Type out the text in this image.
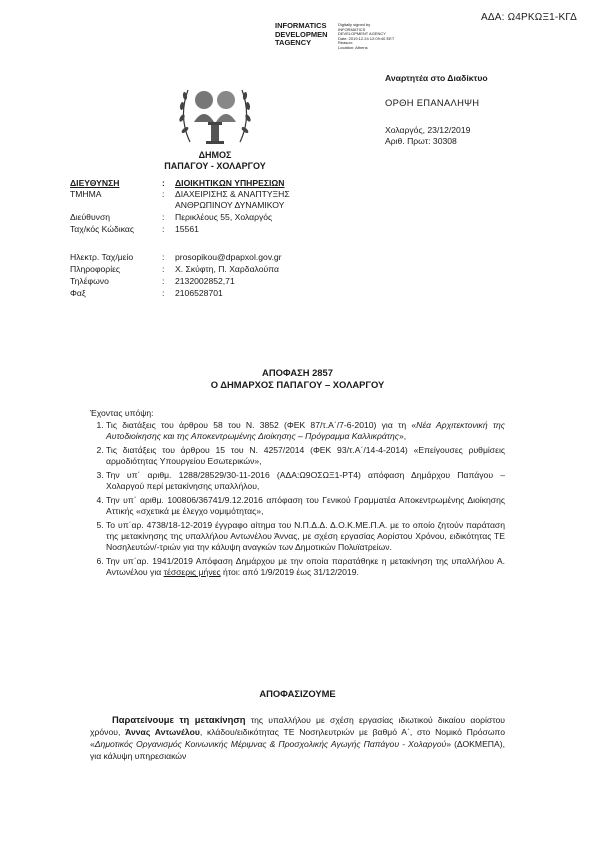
ΑΔΑ: Ω4ΡΚΩΞ1-ΚΓΔ
INFORMATICS
DEVELOPMEN
TAGENCY
Digitally signed by
INFORMATICS
DEVELOPMENT AGENCY
Date: 2019.12.24 12:09:40 EET
Reason:
Location: Athens
Αναρτητέα στο Διαδίκτυο
ΟΡΘΗ ΕΠΑΝΑΛΗΨΗ
Χολαργός, 23/12/2019
Αριθ. Πρωτ: 30308
ΔΗΜΟΣ
ΠΑΠΑΓΟΥ - ΧΟΛΑΡΓΟΥ
ΔΙΕΥΘΥΝΣΗ	: ΔΙΟΙΚΗΤΙΚΩΝ ΥΠΗΡΕΣΙΩΝ
ΤΜΗΜΑ	: ΔΙΑΧΕΙΡΙΣΗΣ & ΑΝΑΠΤΥΞΗΣ
ΑΝΘΡΩΠΙΝΟΥ ΔΥΝΑΜΙΚΟΥ
Διεύθυνση	: Περικλέους 55, Χολαργός
Ταχ/κός Κώδικας	: 15561
Ηλεκτρ. Ταχ/μείο	: prosopikou@dpapxol.gov.gr
Πληροφορίες	: Χ. Σκύφτη, Π. Χαρδαλούπα
Τηλέφωνο	: 2132002852,71
Φαξ	: 2106528701
ΑΠΟΦΑΣΗ 2857
Ο ΔΗΜΑΡΧΟΣ ΠΑΠΑΓΟΥ – ΧΟΛΑΡΓΟΥ
Έχοντας υπόψη:
1. Τις διατάξεις του άρθρου 58 του Ν. 3852 (ΦΕΚ 87/τ.Α΄/7-6-2010) για τη «Νέα Αρχιτεκτονική της Αυτοδιοίκησης και της Αποκεντρωμένης Διοίκησης – Πρόγραμμα Καλλικράτης»,
2. Τις διατάξεις του άρθρου 15 του Ν. 4257/2014 (ΦΕΚ 93/τ.Α΄/14-4-2014) «Επείγουσες ρυθμίσεις αρμοδιότητας Υπουργείου Εσωτερικών»,
3. Την υπ΄ αριθμ. 1288/28529/30-11-2016 (ΑΔΑ:Ω9ΟΣΩΞ1-ΡΤ4) απόφαση Δημάρχου Παπάγου – Χολαργού περί μετακίνησης υπαλλήλου,
4. Την υπ΄ αριθμ. 100806/36741/9.12.2016 απόφαση του Γενικού Γραμματέα Αποκεντρωμένης Διοίκησης Αττικής «σχετικά με έλεγχο νομιμότητας»,
5. Το υπ΄αρ. 4738/18-12-2019 έγγραφο αίτημα του Ν.Π.Δ.Δ. Δ.Ο.Κ.ΜΕ.Π.Α. με το οποίο ζητούν παράταση της μετακίνησης της υπαλλήλου Αντωνέλου Άννας, με σχέση εργασίας Αορίστου Χρόνου, ειδικότητας ΤΕ Νοσηλευτών/-τριών για την κάλυψη αναγκών των Δημοτικών Πολυϊατρείων.
6. Την υπ΄αρ. 1941/2019 Απόφαση Δημάρχου με την οποία παρατάθηκε η μετακίνηση της υπαλλήλου Α. Αντωνέλου για τέσσερις μήνες ήτοι: από 1/9/2019 έως 31/12/2019.
ΑΠΟΦΑΣΙΖΟΥΜΕ
Παρατείνουμε τη μετακίνηση της υπαλλήλου με σχέση εργασίας ιδιωτικού δικαίου αορίστου χρόνου, Άννας Αντωνέλου, κλάδου/ειδικότητας ΤΕ Νοσηλευτριών με βαθμό Α΄, στο Νομικό Πρόσωπο «Δημοτικός Οργανισμός Κοινωνικής Μέριμνας & Προσχολικής Αγωγής Παπάγου - Χολαργού» (ΔΟΚΜΕΠΑ), για κάλυψη υπηρεσιακών
